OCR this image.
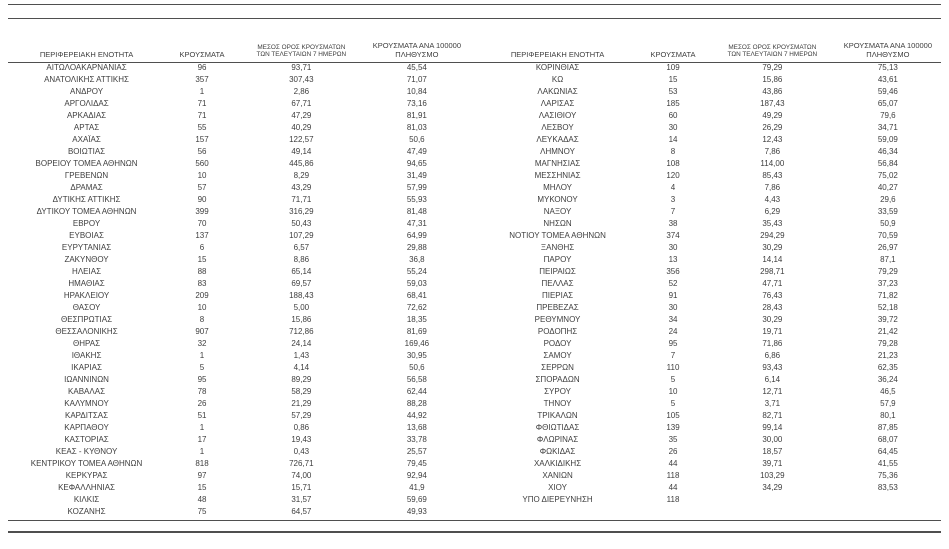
ΠΕΡΙΦΕΡΕΙΑΚΗ ΕΝΟΤΗΤΑ	ΚΡΟΥΣΜΑΤΑ	ΜΕΣΟΣ ΟΡΟΣ ΚΡΟΥΣΜΑΤΩΝ
ΤΩΝ ΤΕΛΕΥΤΑΙΩΝ 7 ΗΜΕΡΩΝ	ΚΡΟΥΣΜΑΤΑ ΑΝΑ 100000
ΠΛΗΘΥΣΜΟ

ΑΙΤΩΛΟΑΚΑΡΝΑΝΙΑΣ	96	93,71	45,54
ΑΝΑΤΟΛΙΚΗΣ ΑΤΤΙΚΗΣ	357	307,43	71,07
ΑΝΔΡΟΥ	1	2,86	10,84
ΑΡΓΟΛΙΔΑΣ	71	67,71	73,16
ΑΡΚΑΔΙΑΣ	71	47,29	81,91
ΑΡΤΑΣ	55	40,29	81,03
ΑΧΑΪΑΣ	157	122,57	50,6
ΒΟΙΩΤΙΑΣ	56	49,14	47,49
ΒΟΡΕΙΟΥ ΤΟΜΕΑ ΑΘΗΝΩΝ	560	445,86	94,65
ΓΡΕΒΕΝΩΝ	10	8,29	31,49
ΔΡΑΜΑΣ	57	43,29	57,99
ΔΥΤΙΚΗΣ ΑΤΤΙΚΗΣ	90	71,71	55,93
ΔΥΤΙΚΟΥ ΤΟΜΕΑ ΑΘΗΝΩΝ	399	316,29	81,48
ΕΒΡΟΥ	70	50,43	47,31
ΕΥΒΟΙΑΣ	137	107,29	64,99
ΕΥΡΥΤΑΝΙΑΣ	6	6,57	29,88
ΖΑΚΥΝΘΟΥ	15	8,86	36,8
ΗΛΕΙΑΣ	88	65,14	55,24
ΗΜΑΘΙΑΣ	83	69,57	59,03
ΗΡΑΚΛΕΙΟΥ	209	188,43	68,41
ΘΑΣΟΥ	10	5,00	72,62
ΘΕΣΠΡΩΤΙΑΣ	8	15,86	18,35
ΘΕΣΣΑΛΟΝΙΚΗΣ	907	712,86	81,69
ΘΗΡΑΣ	32	24,14	169,46
ΙΘΑΚΗΣ	1	1,43	30,95
ΙΚΑΡΙΑΣ	5	4,14	50,6
ΙΩΑΝΝΙΝΩΝ	95	89,29	56,58
ΚΑΒΑΛΑΣ	78	58,29	62,44
ΚΑΛΥΜΝΟΥ	26	21,29	88,28
ΚΑΡΔΙΤΣΑΣ	51	57,29	44,92
ΚΑΡΠΑΘΟΥ	1	0,86	13,68
ΚΑΣΤΟΡΙΑΣ	17	19,43	33,78
ΚΕΑΣ - ΚΥΘΝΟΥ	1	0,43	25,57
ΚΕΝΤΡΙΚΟΥ ΤΟΜΕΑ ΑΘΗΝΩΝ	818	726,71	79,45
ΚΕΡΚΥΡΑΣ	97	74,00	92,94
ΚΕΦΑΛΛΗΝΙΑΣ	15	15,71	41,9
ΚΙΛΚΙΣ	48	31,57	59,69
ΚΟΖΑΝΗΣ	75	64,57	49,93
ΠΕΡΙΦΕΡΕΙΑΚΗ ΕΝΟΤΗΤΑ	ΚΡΟΥΣΜΑΤΑ	ΜΕΣΟΣ ΟΡΟΣ ΚΡΟΥΣΜΑΤΩΝ
ΤΩΝ ΤΕΛΕΥΤΑΙΩΝ 7 ΗΜΕΡΩΝ	ΚΡΟΥΣΜΑΤΑ ΑΝΑ 100000
ΠΛΗΘΥΣΜΟ

ΚΟΡΙΝΘΙΑΣ	109	79,29	75,13
ΚΩ	15	15,86	43,61
ΛΑΚΩΝΙΑΣ	53	43,86	59,46
ΛΑΡΙΣΑΣ	185	187,43	65,07
ΛΑΣΙΘΙΟΥ	60	49,29	79,6
ΛΕΣΒΟΥ	30	26,29	34,71
ΛΕΥΚΑΔΑΣ	14	12,43	59,09
ΛΗΜΝΟΥ	8	7,86	46,34
ΜΑΓΝΗΣΙΑΣ	108	114,00	56,84
ΜΕΣΣΗΝΙΑΣ	120	85,43	75,02
ΜΗΛΟΥ	4	7,86	40,27
ΜΥΚΟΝΟΥ	3	4,43	29,6
ΝΑΞΟΥ	7	6,29	33,59
ΝΗΣΩΝ	38	35,43	50,9
ΝΟΤΙΟΥ ΤΟΜΕΑ ΑΘΗΝΩΝ	374	294,29	70,59
ΞΑΝΘΗΣ	30	30,29	26,97
ΠΑΡΟΥ	13	14,14	87,1
ΠΕΙΡΑΙΩΣ	356	298,71	79,29
ΠΕΛΛΑΣ	52	47,71	37,23
ΠΙΕΡΙΑΣ	91	76,43	71,82
ΠΡΕΒΕΖΑΣ	30	28,43	52,18
ΡΕΘΥΜΝΟΥ	34	30,29	39,72
ΡΟΔΟΠΗΣ	24	19,71	21,42
ΡΟΔΟΥ	95	71,86	79,28
ΣΑΜΟΥ	7	6,86	21,23
ΣΕΡΡΩΝ	110	93,43	62,35
ΣΠΟΡΑΔΩΝ	5	6,14	36,24
ΣΥΡΟΥ	10	12,71	46,5
ΤΗΝΟΥ	5	3,71	57,9
ΤΡΙΚΑΛΩΝ	105	82,71	80,1
ΦΘΙΩΤΙΔΑΣ	139	99,14	87,85
ΦΛΩΡΙΝΑΣ	35	30,00	68,07
ΦΩΚΙΔΑΣ	26	18,57	64,45
ΧΑΛΚΙΔΙΚΗΣ	44	39,71	41,55
ΧΑΝΙΩΝ	118	103,29	75,36
ΧΙΟΥ	44	34,29	83,53
ΥΠΟ ΔΙΕΡΕΥΝΗΣΗ	118		
